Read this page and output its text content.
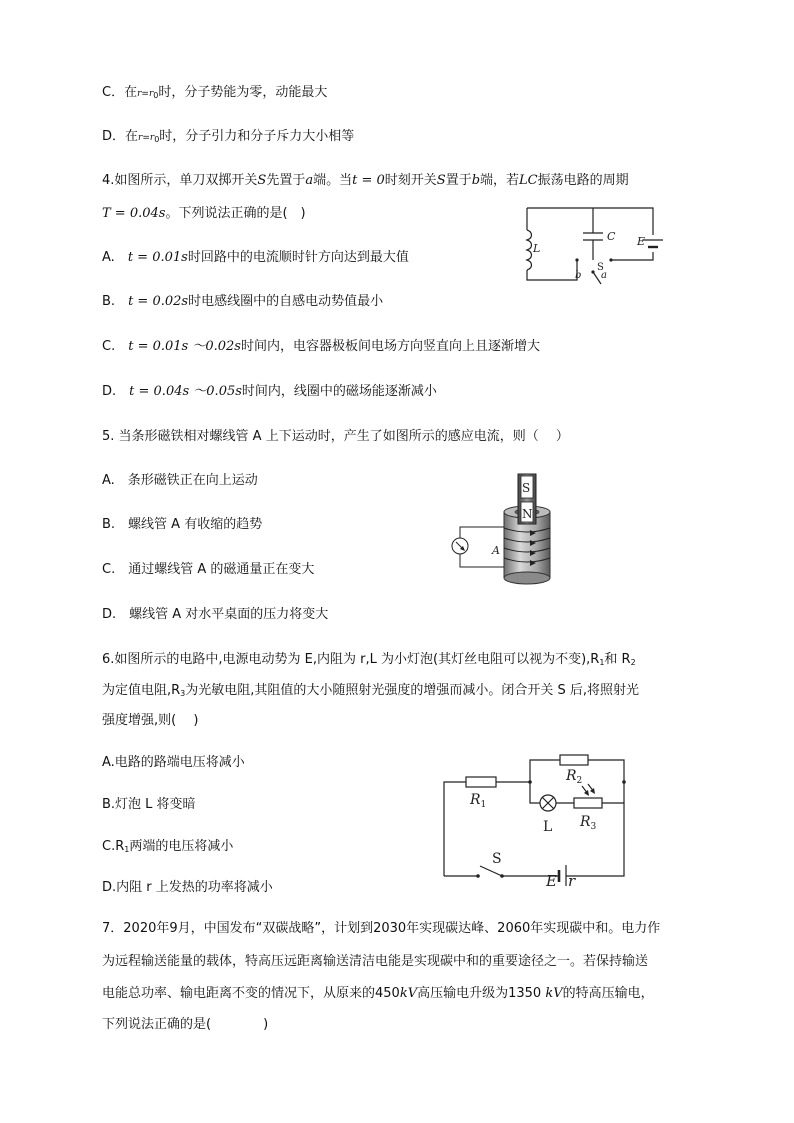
C．在$r=r_0$时，分子势能为零，动能最大
D．在$r=r_0$时，分子引力和分子斥力大小相等
4.如图所示，单刀双掷开关S先置于a端。当t = 0时刻开关S置于b端，若LC振荡电路的周期
T = 0.04s。下列说法正确的是(　)
A.　t = 0.01s时回路中的电流顺时针方向达到最大值
B.　t = 0.02s时电感线圈中的自感电动势值最小
C.　t = 0.01s ～0.02s时间内，电容器极板间电场方向竖直向上且逐渐增大
D.　t = 0.04s ～0.05s时间内，线圈中的磁场能逐渐减小
L
C E
S
a
b
5. 当条形磁铁相对螺线管 A 上下运动时，产生了如图所示的感应电流，则（　 ）
A.　条形磁铁正在向上运动
B.　螺线管 A 有收缩的趋势
C.　通过螺线管 A 的磁通量正在变大
D.　螺线管 A 对水平桌面的压力将变大
S
N
A
6.如图所示的电路中,电源电动势为 E,内阻为 r,L 为小灯泡(其灯丝电阻可以视为不变)$,R_1$和 $R_2$
为定值电阻$,R_3$为光敏电阻,其阻值的大小随照射光强度的增强而减小。闭合开关 S 后,将照射光
强度增强,则(　 )
A.电路的路端电压将减小
B.灯泡 L 将变暗
$C.R_1$两端的电压将减小
D.内阻 r 上发热的功率将减小
$R_1$
$R_2$
$R_3$
L
S
E r
7．2020年9月，中国发布“双碳战略”，计划到2030年实现碳达峰、2060年实现碳中和。电力作
为远程输送能量的载体，特高压远距离输送清洁电能是实现碳中和的重要途径之一。若保持输送
电能总功率、输电距离不变的情况下，从原来的450kV高压输电升级为1350 kV的特高压输电，
下列说法正确的是(　　　　)
